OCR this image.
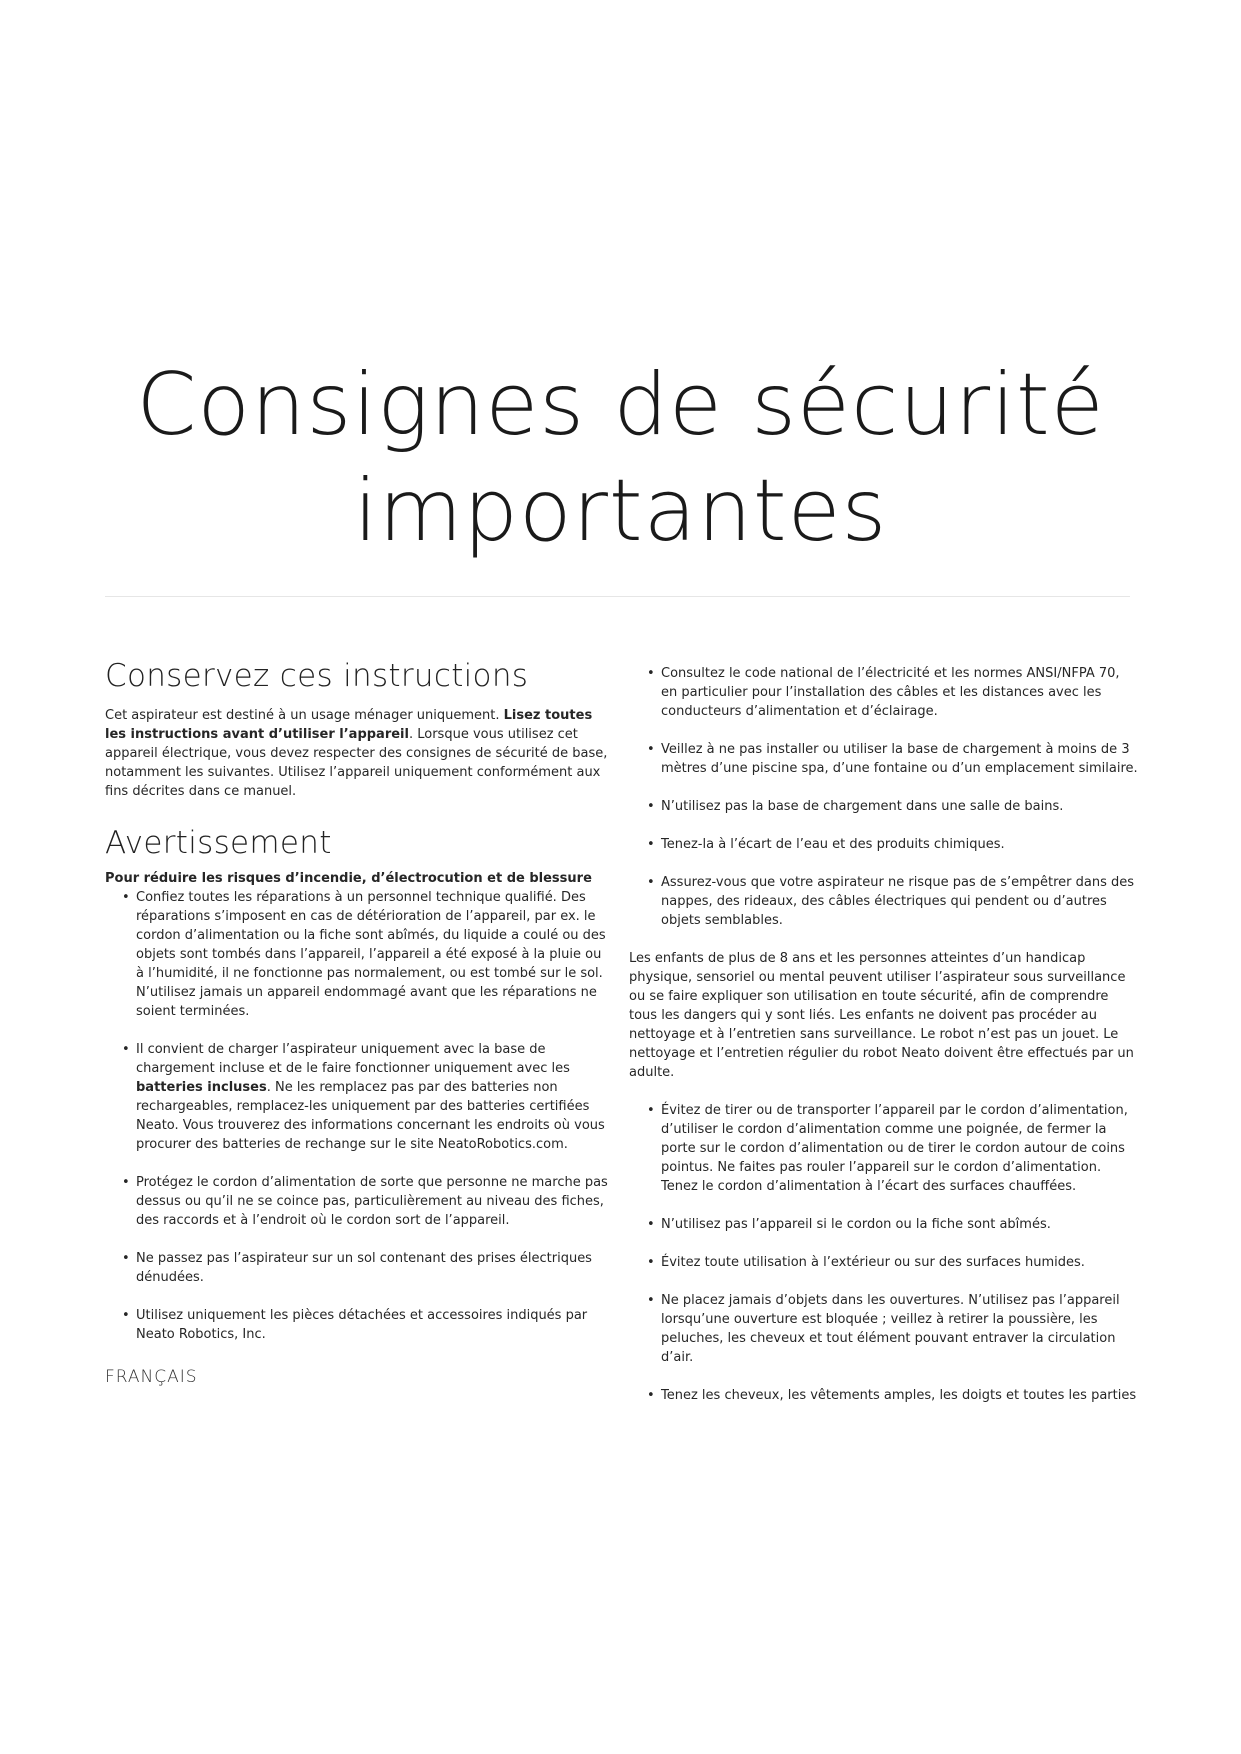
Consignes de sécurité
importantes
Conservez ces instructions

Cet aspirateur est destiné à un usage ménager uniquement. Lisez toutes les instructions avant d’utiliser l’appareil. Lorsque vous utilisez cet appareil électrique, vous devez respecter des consignes de sécurité de base, notamment les suivantes. Utilisez l’appareil uniquement conformément aux fins décrites dans ce manuel.

Avertissement

Pour réduire les risques d’incendie, d’électrocution et de blessure

• Confiez toutes les réparations à un personnel technique qualifié. Des réparations s’imposent en cas de détérioration de l’appareil, par ex. le cordon d’alimentation ou la fiche sont abîmés, du liquide a coulé ou des objets sont tombés dans l’appareil, l’appareil a été exposé à la pluie ou à l’humidité, il ne fonctionne pas normalement, ou est tombé sur le sol. N’utilisez jamais un appareil endommagé avant que les réparations ne soient terminées.
• Il convient de charger l’aspirateur uniquement avec la base de chargement incluse et de le faire fonctionner uniquement avec les batteries incluses. Ne les remplacez pas par des batteries non rechargeables, remplacez-les uniquement par des batteries certifiées Neato. Vous trouverez des informations concernant les endroits où vous procurer des batteries de rechange sur le site NeatoRobotics.com.
• Protégez le cordon d’alimentation de sorte que personne ne marche pas dessus ou qu’il ne se coince pas, particulièrement au niveau des fiches, des raccords et à l’endroit où le cordon sort de l’appareil.
• Ne passez pas l’aspirateur sur un sol contenant des prises électriques dénudées.
• Utilisez uniquement les pièces détachées et accessoires indiqués par Neato Robotics, Inc.
• Consultez le code national de l’électricité et les normes ANSI/NFPA 70, en particulier pour l’installation des câbles et les distances avec les conducteurs d’alimentation et d’éclairage.
• Veillez à ne pas installer ou utiliser la base de chargement à moins de 3 mètres d’une piscine spa, d’une fontaine ou d’un emplacement similaire.
• N’utilisez pas la base de chargement dans une salle de bains.
• Tenez-la à l’écart de l’eau et des produits chimiques.
• Assurez-vous que votre aspirateur ne risque pas de s’empêtrer dans des nappes, des rideaux, des câbles électriques qui pendent ou d’autres objets semblables.

Les enfants de plus de 8 ans et les personnes atteintes d’un handicap physique, sensoriel ou mental peuvent utiliser l’aspirateur sous surveillance ou se faire expliquer son utilisation en toute sécurité, afin de comprendre tous les dangers qui y sont liés. Les enfants ne doivent pas procéder au nettoyage et à l’entretien sans surveillance. Le robot n’est pas un jouet. Le nettoyage et l’entretien régulier du robot Neato doivent être effectués par un adulte.

• Évitez de tirer ou de transporter l’appareil par le cordon d’alimentation, d’utiliser le cordon d’alimentation comme une poignée, de fermer la porte sur le cordon d’alimentation ou de tirer le cordon autour de coins pointus. Ne faites pas rouler l’appareil sur le cordon d’alimentation. Tenez le cordon d’alimentation à l’écart des surfaces chauffées.
• N’utilisez pas l’appareil si le cordon ou la fiche sont abîmés.
• Évitez toute utilisation à l’extérieur ou sur des surfaces humides.
• Ne placez jamais d’objets dans les ouvertures. N’utilisez pas l’appareil lorsqu’une ouverture est bloquée ; veillez à retirer la poussière, les peluches, les cheveux et tout élément pouvant entraver la circulation d’air.
• Tenez les cheveux, les vêtements amples, les doigts et toutes les parties
FRANÇAIS
